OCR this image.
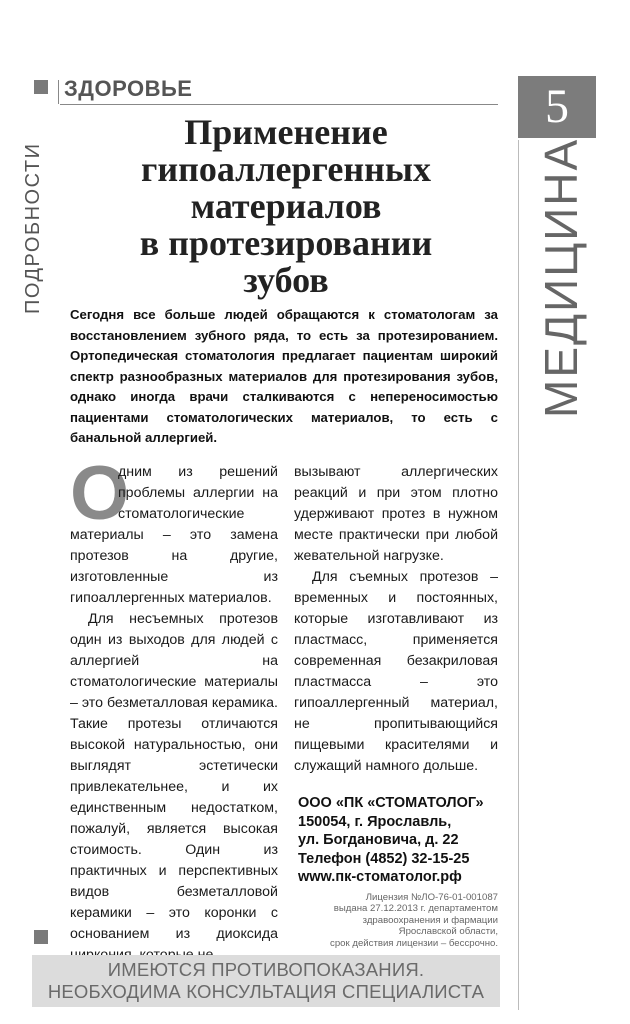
ПОДРОБНОСТИ
ЗДОРОВЬЕ	5
МЕДИЦИНА
Применение
гипоаллергенных
материалов
в протезировании
зубов

Сегодня все больше людей обращаются к стоматологам за восстановлением зубного ряда, то есть за протезированием. Ортопедическая стоматология предлагает пациентам широкий спектр разнообразных материалов для протезирования зубов, однако иногда врачи сталкиваются с непереносимостью пациентами стоматологических материалов, то есть с банальной аллергией.

О
дним из решений проблемы аллергии на стоматологические материалы – это замена протезов на другие, изготовленные из гипоаллергенных материалов.

Для несъемных протезов один из выходов для людей с аллергией на стоматологические материалы – это безметалловая керамика. Такие протезы отличаются высокой натуральностью, они выглядят эстетически привлекательнее, и их единственным недостатком, пожалуй, является высокая стоимость. Один из практичных и перспективных видов безметалловой керамики – это коронки с основанием из диоксида

вызывают аллергических реакций и при этом плотно удерживают протез в нужном месте практически при любой жевательной нагрузке.

Для съемных протезов – временных и постоянных, которые изготавливают из пластмасс, применяется современная безакриловая пластмасса – это гипоаллергенный материал, не пропитывающийся пищевыми красителями и служащий намного дольше.

ООО «ПК «СТОМАТОЛОГ»
150054, г. Ярославль,
ул. Богдановича, д. 22
Телефон (4852) 32-15-25
www.пк-стоматолог.рф
Лицензия №ЛО-76-01-001087
выдана 27.12.2013 г. департаментом
здравоохранения и фармации
Ярославской области,
срок действия лицензии – бессрочно.
ИМЕЮТСЯ ПРОТИВОПОКАЗАНИЯ.
НЕОБХОДИМА КОНСУЛЬТАЦИЯ СПЕЦИАЛИСТА
